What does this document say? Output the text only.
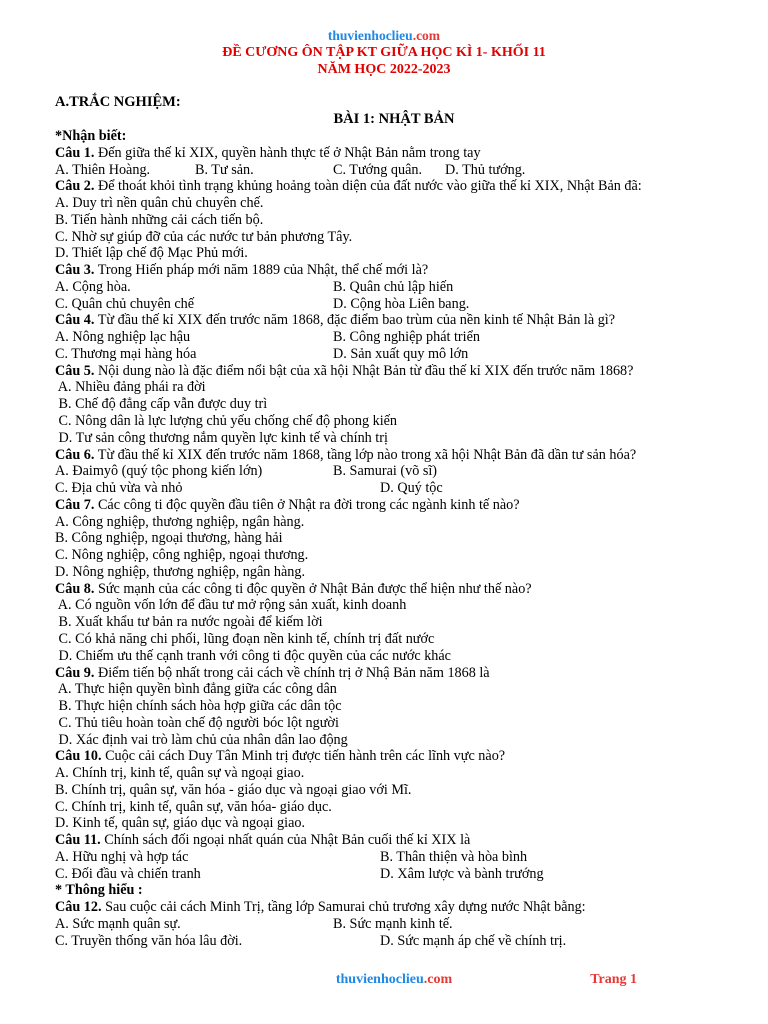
thuvienhoclieu.com
ĐỀ CƯƠNG ÔN TẬP KT GIỮA HỌC KÌ 1- KHỐI 11
NĂM HỌC 2022-2023
A.TRẮC NGHIỆM:
BÀI 1: NHẬT BẢN
*Nhận biết:
Câu 1. Đến giữa thế kỉ XIX, quyền hành thực tế ở Nhật Bản nằm trong tay
A. Thiên Hoàng.	B. Tư sản.	C. Tướng quân. D. Thủ tướng.
Câu 2. Để thoát khỏi tình trạng khủng hoảng toàn diện của đất nước vào giữa thế kỉ XIX, Nhật Bản đã:
A. Duy trì nền quân chủ chuyên chế.
B. Tiến hành những cải cách tiến bộ.
C. Nhờ sự giúp đỡ của các nước tư bản phương Tây.
D. Thiết lập chế độ Mạc Phủ mới.
Câu 3. Trong Hiến pháp mới năm 1889 của Nhật, thể chế mới là?
A. Cộng hòa.	B. Quân chủ lập hiến
C. Quân chủ chuyên chế	D. Cộng hòa Liên bang.
Câu 4. Từ đầu thế kỉ XIX đến trước năm 1868, đặc điểm bao trùm của nền kinh tế Nhật Bản là gì?
A. Nông nghiệp lạc hậu	B. Công nghiệp phát triển
C. Thương mại hàng hóa	D. Sản xuất quy mô lớn
Câu 5. Nội dung nào là đặc điểm nổi bật của xã hội Nhật Bản từ đầu thế kỉ XIX đến trước năm 1868?
A. Nhiều đảng phái ra đời
B. Chế độ đẳng cấp vẫn được duy trì
C. Nông dân là lực lượng chủ yếu chống chế độ phong kiến
D. Tư sản công thương nắm quyền lực kinh tế và chính trị
Câu 6. Từ đầu thế kỉ XIX đến trước năm 1868, tầng lớp nào trong xã hội Nhật Bản đã dần tư sản hóa?
A. Đaimyô (quý tộc phong kiến lớn)	B. Samurai (võ sĩ)
C. Địa chủ vừa và nhỏ	D. Quý tộc
Câu 7. Các công ti độc quyền đầu tiên ở Nhật ra đời trong các ngành kinh tế nào?
A. Công nghiệp, thương nghiệp, ngân hàng.
B. Công nghiệp, ngoại thương, hàng hải
C. Nông nghiệp, công nghiệp, ngoại thương.
D. Nông nghiệp, thương nghiệp, ngân hàng.
Câu 8. Sức mạnh của các công ti độc quyền ở Nhật Bản được thể hiện như thế nào?
A. Có nguồn vốn lớn để đầu tư mở rộng sản xuất, kinh doanh
B. Xuất khẩu tư bản ra nước ngoài để kiếm lời
C. Có khả năng chi phối, lũng đoạn nền kinh tế, chính trị đất nước
D. Chiếm ưu thế cạnh tranh với công ti độc quyền của các nước khác
Câu 9. Điểm tiến bộ nhất trong cải cách về chính trị ở Nhậ Bản năm 1868 là
A. Thực hiện quyền bình đẳng giữa các công dân
B. Thực hiện chính sách hòa hợp giữa các dân tộc
C. Thủ tiêu hoàn toàn chế độ người bóc lột người
D. Xác định vai trò làm chủ của nhân dân lao động
Câu 10. Cuộc cải cách Duy Tân Minh trị được tiến hành trên các lĩnh vực nào?
A. Chính trị, kinh tế, quân sự và ngoại giao.
B. Chính trị, quân sự, văn hóa - giáo dục và ngoại giao với Mĩ.
C. Chính trị, kinh tế, quân sự, văn hóa- giáo dục.
D. Kinh tế, quân sự, giáo dục và ngoại giao.
Câu 11. Chính sách đối ngoại nhất quán của Nhật Bản cuối thế kỉ XIX là
A. Hữu nghị và hợp tác	B. Thân thiện và hòa bình
C. Đối đầu và chiến tranh	D. Xâm lược và bành trướng
* Thông hiểu :
Câu 12. Sau cuộc cải cách Minh Trị, tầng lớp Samurai chủ trương xây dựng nước Nhật bằng:
A. Sức mạnh quân sự.	B. Sức mạnh kinh tế.
C. Truyền thống văn hóa lâu đời.	D. Sức mạnh áp chế về chính trị.
thuvienhoclieu.com	Trang 1
